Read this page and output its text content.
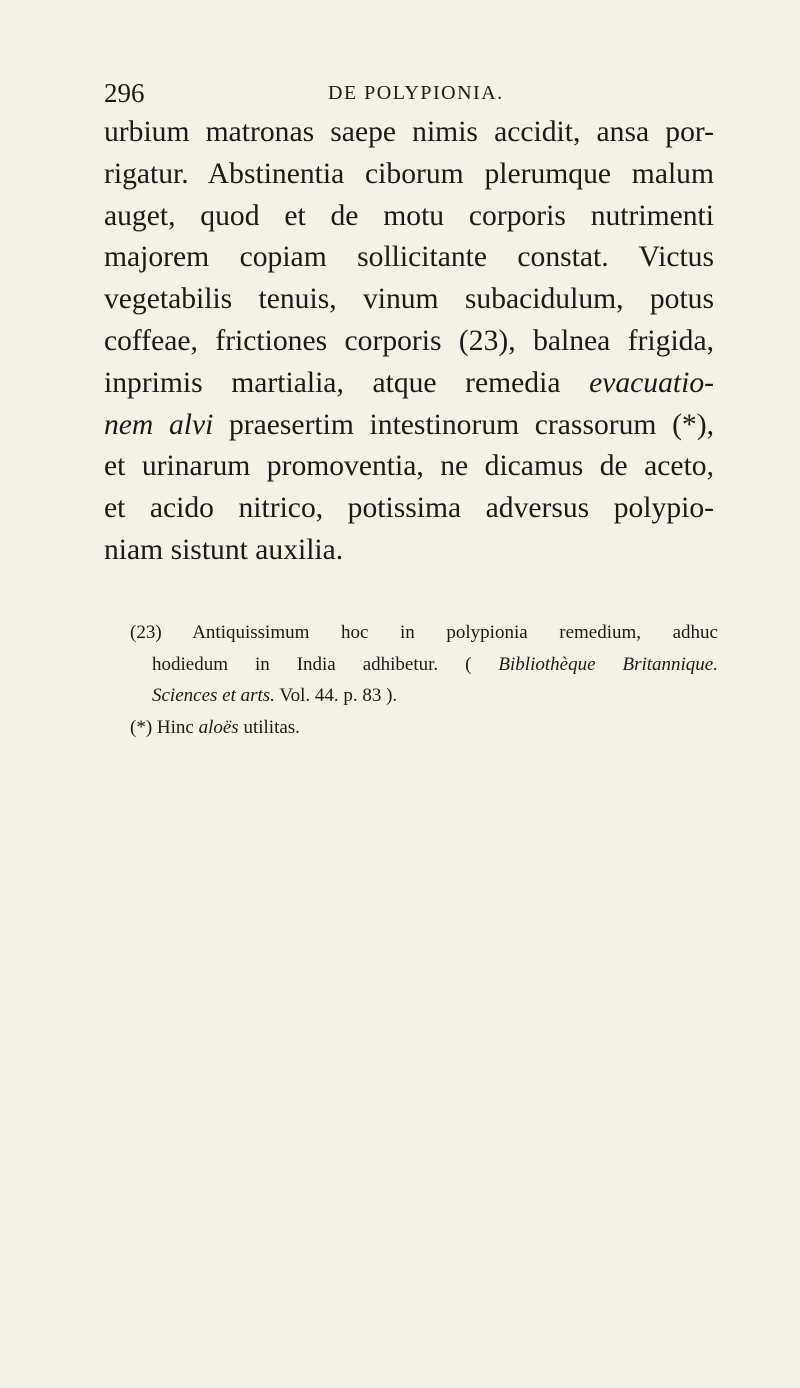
296	DE POLYPIONIA.
urbium matronas saepe nimis accidit, ansa por-
rigatur. Abstinentia ciborum plerumque malum
auget, quod et de motu corporis nutrimenti
majorem copiam sollicitante constat. Victus
vegetabilis tenuis, vinum subacidulum, potus
coffeae, frictiones corporis (23), balnea frigida,
inprimis martialia, atque remedia evacuatio-
nem alvi praesertim intestinorum crassorum (*),
et urinarum promoventia, ne dicamus de aceto,
et acido nitrico, potissima adversus polypio-
niam sistunt auxilia.
(23) Antiquissimum hoc in polypionia remedium, adhuc
hodiedum in India adhibetur. ( Bibliothèque Britannique.
Sciences et arts. Vol. 44. p. 83 ).
(*) Hinc aloës utilitas.
